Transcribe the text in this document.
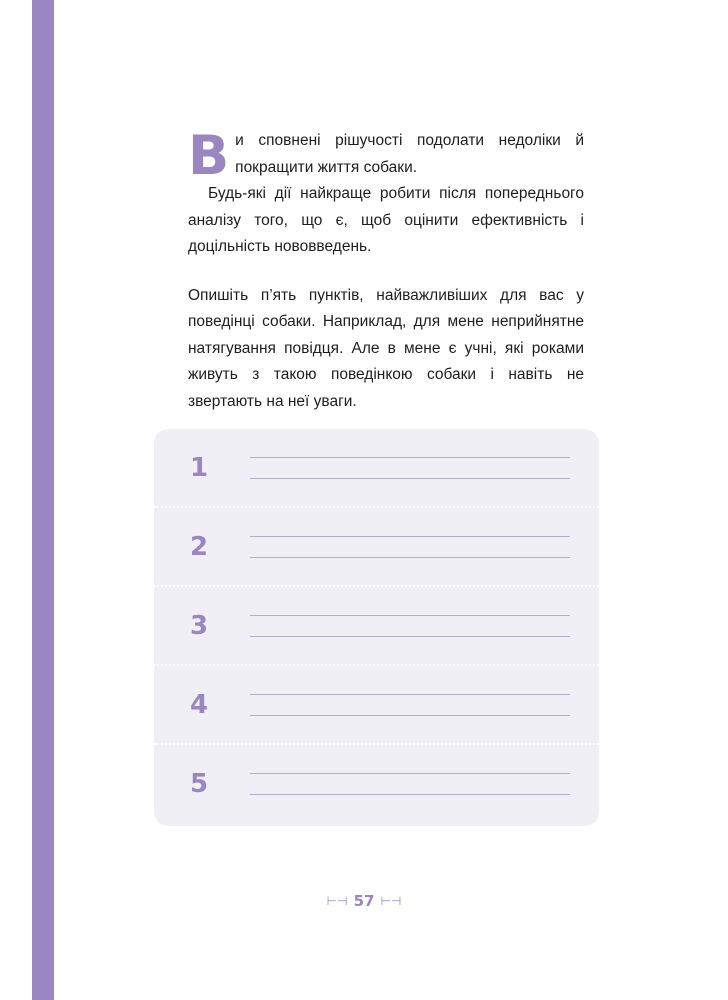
Ви сповнені рішучості подолати недоліки й покращити життя собаки.

Будь-які дії найкраще робити після попереднього аналізу того, що є, щоб оцінити ефективність і доцільність нововведень.

Опишіть п’ять пунктів, найважливіших для вас у поведінці собаки. Наприклад, для мене неприйнятне натягування повідця. Але в мене є учні, які роками живуть з такою поведінкою собаки і навіть не звертають на неї уваги.

1
2
3
4
5
⊢⊣ 57 ⊢⊣
